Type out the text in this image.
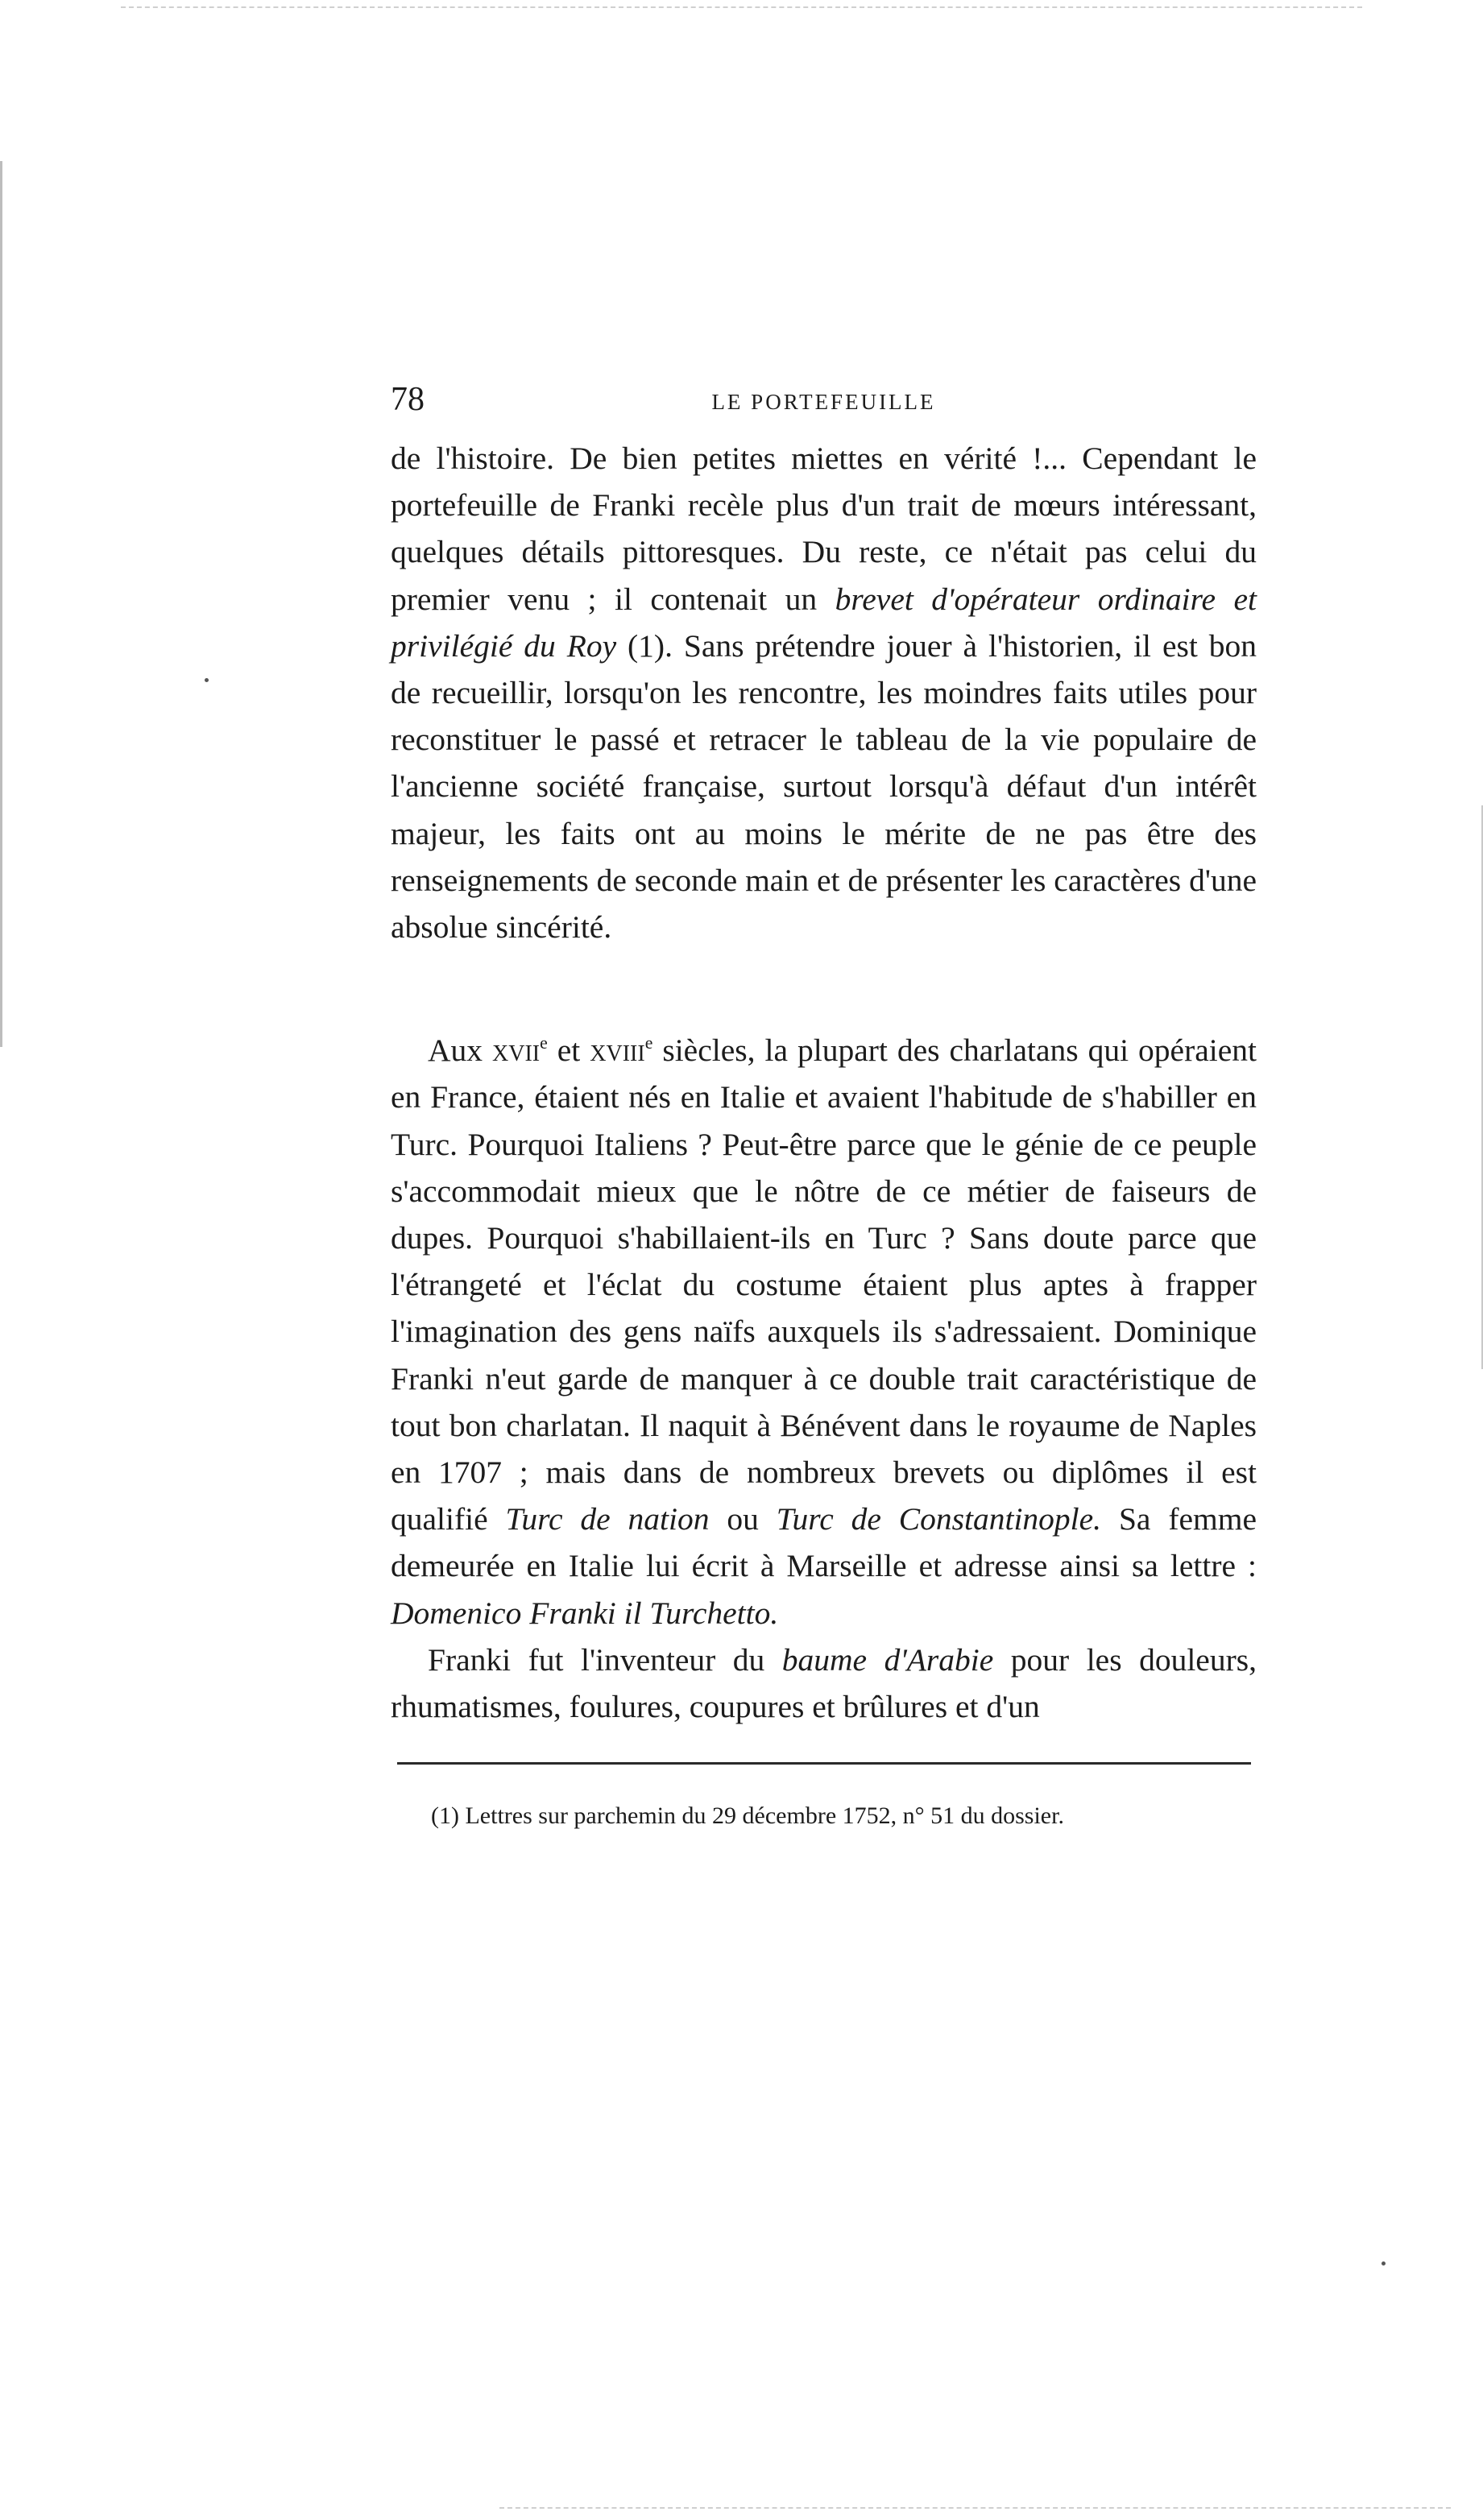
78	LE PORTEFEUILLE

de l'histoire. De bien petites miettes en vérité !... Cependant le portefeuille de Franki recèle plus d'un trait de mœurs intéressant, quelques détails pittoresques. Du reste, ce n'était pas celui du premier venu ; il contenait un brevet d'opérateur ordinaire et privilégié du Roy (1). Sans prétendre jouer à l'historien, il est bon de recueillir, lorsqu'on les rencontre, les moindres faits utiles pour reconstituer le passé et retracer le tableau de la vie populaire de l'ancienne société française, surtout lorsqu'à défaut d'un intérêt majeur, les faits ont au moins le mérite de ne pas être des renseignements de seconde main et de présenter les caractères d'une absolue sincérité.

Aux xvii$^e$ et xviii$^e$ siècles, la plupart des charlatans qui opéraient en France, étaient nés en Italie et avaient l'habitude de s'habiller en Turc. Pourquoi Italiens ? Peut-être parce que le génie de ce peuple s'accommodait mieux que le nôtre de ce métier de faiseurs de dupes. Pourquoi s'habillaient-ils en Turc ? Sans doute parce que l'étrangeté et l'éclat du costume étaient plus aptes à frapper l'imagination des gens naïfs auxquels ils s'adressaient. Dominique Franki n'eut garde de manquer à ce double trait caractéristique de tout bon charlatan. Il naquit à Bénévent dans le royaume de Naples en 1707 ; mais dans de nombreux brevets ou diplômes il est qualifié Turc de nation ou Turc de Constantinople. Sa femme demeurée en Italie lui écrit à Marseille et adresse ainsi sa lettre : Domenico Franki il Turchetto.

Franki fut l'inventeur du baume d'Arabie pour les douleurs, rhumatismes, foulures, coupures et brûlures et d'un

(1) Lettres sur parchemin du 29 décembre 1752, n° 51 du dossier.
